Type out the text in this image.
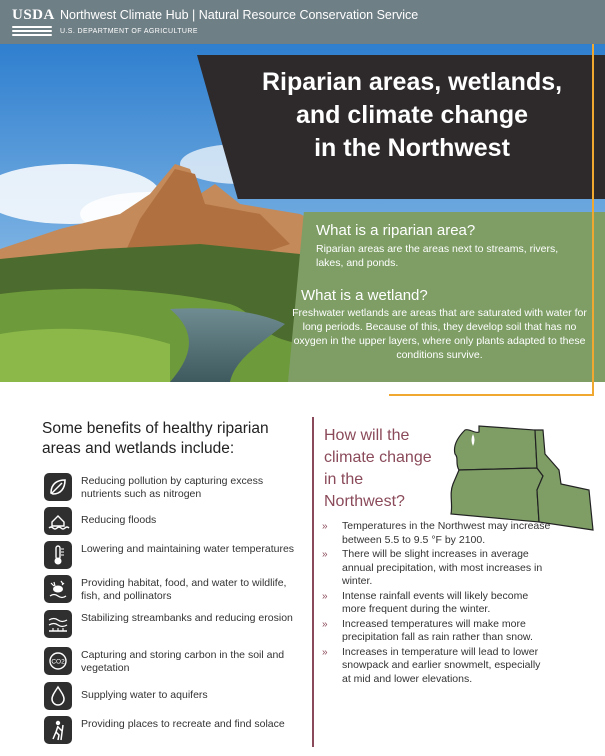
USDA Northwest Climate Hub | Natural Resource Conservation Service
U.S. DEPARTMENT OF AGRICULTURE
Riparian areas, wetlands,
and climate change
in the Northwest
What is a riparian area?
Riparian areas are the areas next to streams, rivers, lakes, and ponds.
What is a wetland?
Freshwater wetlands are areas that are saturated with water for long periods. Because of this, they develop soil that has no oxygen in the upper layers, where only plants adapted to these conditions survive.
Some benefits of healthy riparian areas and wetlands include:
Reducing pollution by capturing excess nutrients such as nitrogen
Reducing floods
Lowering and maintaining water temperatures
Providing habitat, food, and water to wildlife, fish, and pollinators
Stabilizing streambanks and reducing erosion
CO2
Capturing and storing carbon in the soil and vegetation
Supplying water to aquifers
Providing places to recreate and find solace
How will the climate change in the Northwest?
» Temperatures in the Northwest may increase between 5.5 to 9.5 °F by 2100.
» There will be slight increases in average annual precipitation, with most increases in winter.
» Intense rainfall events will likely become more frequent during the winter.
» Increased temperatures will make more precipitation fall as rain rather than snow.
» Increases in temperature will lead to lower snowpack and earlier snowmelt, especially at mid and lower elevations.
